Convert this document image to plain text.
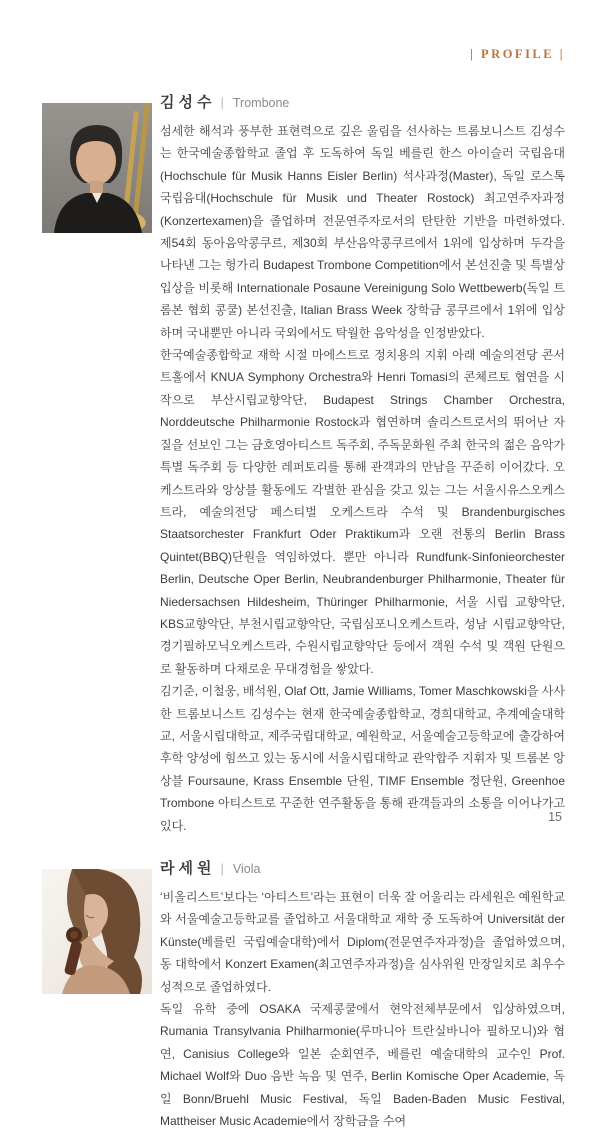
| PROFILE |
김성수 | Trombone

섬세한 해석과 풍부한 표현력으로 깊은 울림을 선사하는 트롬보니스트 김성수는 한국예술종합학교 졸업 후 도독하여 독일 베를린 한스 아이슬러 국립음대(Hochschule für Musik Hanns Eisler Berlin) 석사과정(Master), 독일 로스톡 국립음대(Hochschule für Musik und Theater Rostock) 최고연주자과정(Konzertexamen)을 졸업하며 전문연주자로서의 탄탄한 기반을 마련하였다. 제54회 동아음악콩쿠르, 제30회 부산음악콩쿠르에서 1위에 입상하며 두각을 나타낸 그는 헝가리 Budapest Trombone Competition에서 본선진출 및 특별상 입상을 비롯해 Internationale Posaune Vereinigung Solo Wettbewerb(독일 트롬본 협회 콩쿨) 본선진출, Italian Brass Week 장학금 콩쿠르에서 1위에 입상하며 국내뿐만 아니라 국외에서도 탁월한 음악성을 인정받았다.

한국예술종합학교 재학 시절 마에스트로 정치용의 지휘 아래 예술의전당 콘서트홀에서 KNUA Symphony Orchestra와 Henri Tomasi의 콘체르토 협연을 시작으로 부산시립교향악단, Budapest Strings Chamber Orchestra, Norddeutsche Philharmonie Rostock과 협연하며 솔리스트로서의 뛰어난 자질을 선보인 그는 금호영아티스트 독주회, 주독문화원 주최 한국의 젊은 음악가 특별 독주회 등 다양한 레퍼토리를 통해 관객과의 만남을 꾸준히 이어갔다. 오케스트라와 앙상블 활동에도 각별한 관심을 갖고 있는 그는 서울시유스오케스트라, 예술의전당 페스티벌 오케스트라 수석 및 Brandenburgisches Staatsorchester Frankfurt Oder Praktikum과 오랜 전통의 Berlin Brass Quintet(BBQ)단원을 역임하였다. 뿐만 아니라 Rundfunk-Sinfonieorchester Berlin, Deutsche Oper Berlin, Neubrandenburger Philharmonie, Theater für Niedersachsen Hildesheim, Thüringer Philharmonie, 서울 시립 교향악단, KBS교향악단, 부천시립교향악단, 국립심포니오케스트라, 성남 시립교향악단, 경기필하모닉오케스트라, 수원시립교향악단 등에서 객원 수석 및 객원 단원으로 활동하며 다채로운 무대경험을 쌓았다.

김기준, 이철웅, 배석원, Olaf Ott, Jamie Williams, Tomer Maschkowski을 사사한 트롬보니스트 김성수는 현재 한국예술종합학교, 경희대학교, 추계예술대학교, 서울시립대학교, 제주국립대학교, 예원학교, 서울예술고등학교에 출강하여 후학 양성에 힘쓰고 있는 동시에 서울시립대학교 관악합주 지휘자 및 트롬본 앙상블 Foursaune, Krass Ensemble 단원, TIMF Ensemble 정단원, Greenhoe Trombone 아티스트로 꾸준한 연주활동을 통해 관객들과의 소통을 이어나가고 있다.

라세원 | Viola

‘비올리스트’보다는 ‘아티스트’라는 표현이 더욱 잘 어울리는 라세원은 예원학교와 서울예술고등학교를 졸업하고 서울대학교 재학 중 도독하여 Universität der Künste(베를린 국립예술대학)에서 Diplom(전문연주자과정)을 졸업하였으며, 동 대학에서 Konzert Examen(최고연주자과정)을 심사위원 만장일치로 최우수 성적으로 졸업하였다.

독일 유학 중에 OSAKA 국제콩쿨에서 현악전체부문에서 입상하였으며, Rumania Transylvania Philharmonie(루마니아 트란실바니아 필하모니)와 협연, Canisius College와 일본 순회연주, 베를린 예술대학의 교수인 Prof. Michael Wolf와 Duo 음반 녹음 및 연주, Berlin Komische Oper Academie, 독일 Bonn/Bruehl Music Festival, 독일 Baden-Baden Music Festival, Mattheiser Music Academie에서 장학금을 수여

15
